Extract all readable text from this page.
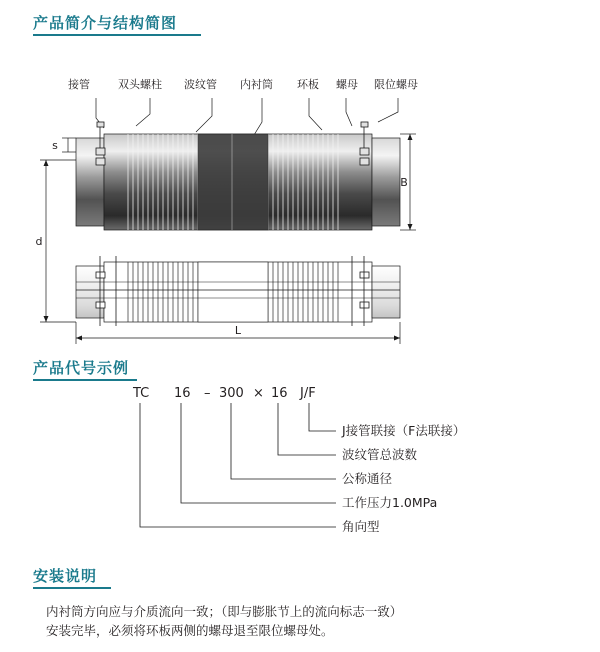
产品简介与结构简图
产品代号示例
安装说明
接管	双头螺柱 波纹管 内衬筒 环板 螺母 限位螺母
s
d
B
L
TC 16 – 300 × 16 J/F
J接管联接（F法联接）
波纹管总波数
公称通径
工作压力1.0MPa
角向型
内衬筒方向应与介质流向一致；（即与膨胀节上的流向标志一致）
安装完毕，必须将环板两侧的螺母退至限位螺母处。
